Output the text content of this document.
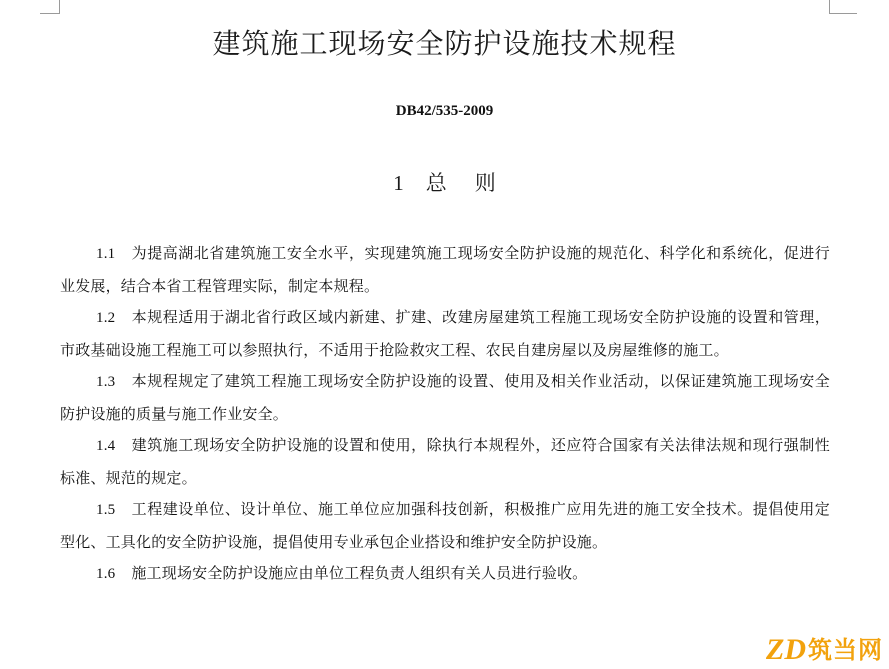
建筑施工现场安全防护设施技术规程
DB42/535-2009
1 总 则

1.1 为提高湖北省建筑施工安全水平，实现建筑施工现场安全防护设施的规范化、科学化和系统化，促进行业发展，结合本省工程管理实际，制定本规程。

1.2 本规程适用于湖北省行政区域内新建、扩建、改建房屋建筑工程施工现场安全防护设施的设置和管理，市政基础设施工程施工可以参照执行，不适用于抢险救灾工程、农民自建房屋以及房屋维修的施工。

1.3 本规程规定了建筑工程施工现场安全防护设施的设置、使用及相关作业活动，以保证建筑施工现场安全防护设施的质量与施工作业安全。

1.4 建筑施工现场安全防护设施的设置和使用，除执行本规程外，还应符合国家有关法律法规和现行强制性标准、规范的规定。

1.5 工程建设单位、设计单位、施工单位应加强科技创新，积极推广应用先进的施工安全技术。提倡使用定型化、工具化的安全防护设施，提倡使用专业承包企业搭设和维护安全防护设施。

1.6 施工现场安全防护设施应由单位工程负责人组织有关人员进行验收。

ZD 筑当网
